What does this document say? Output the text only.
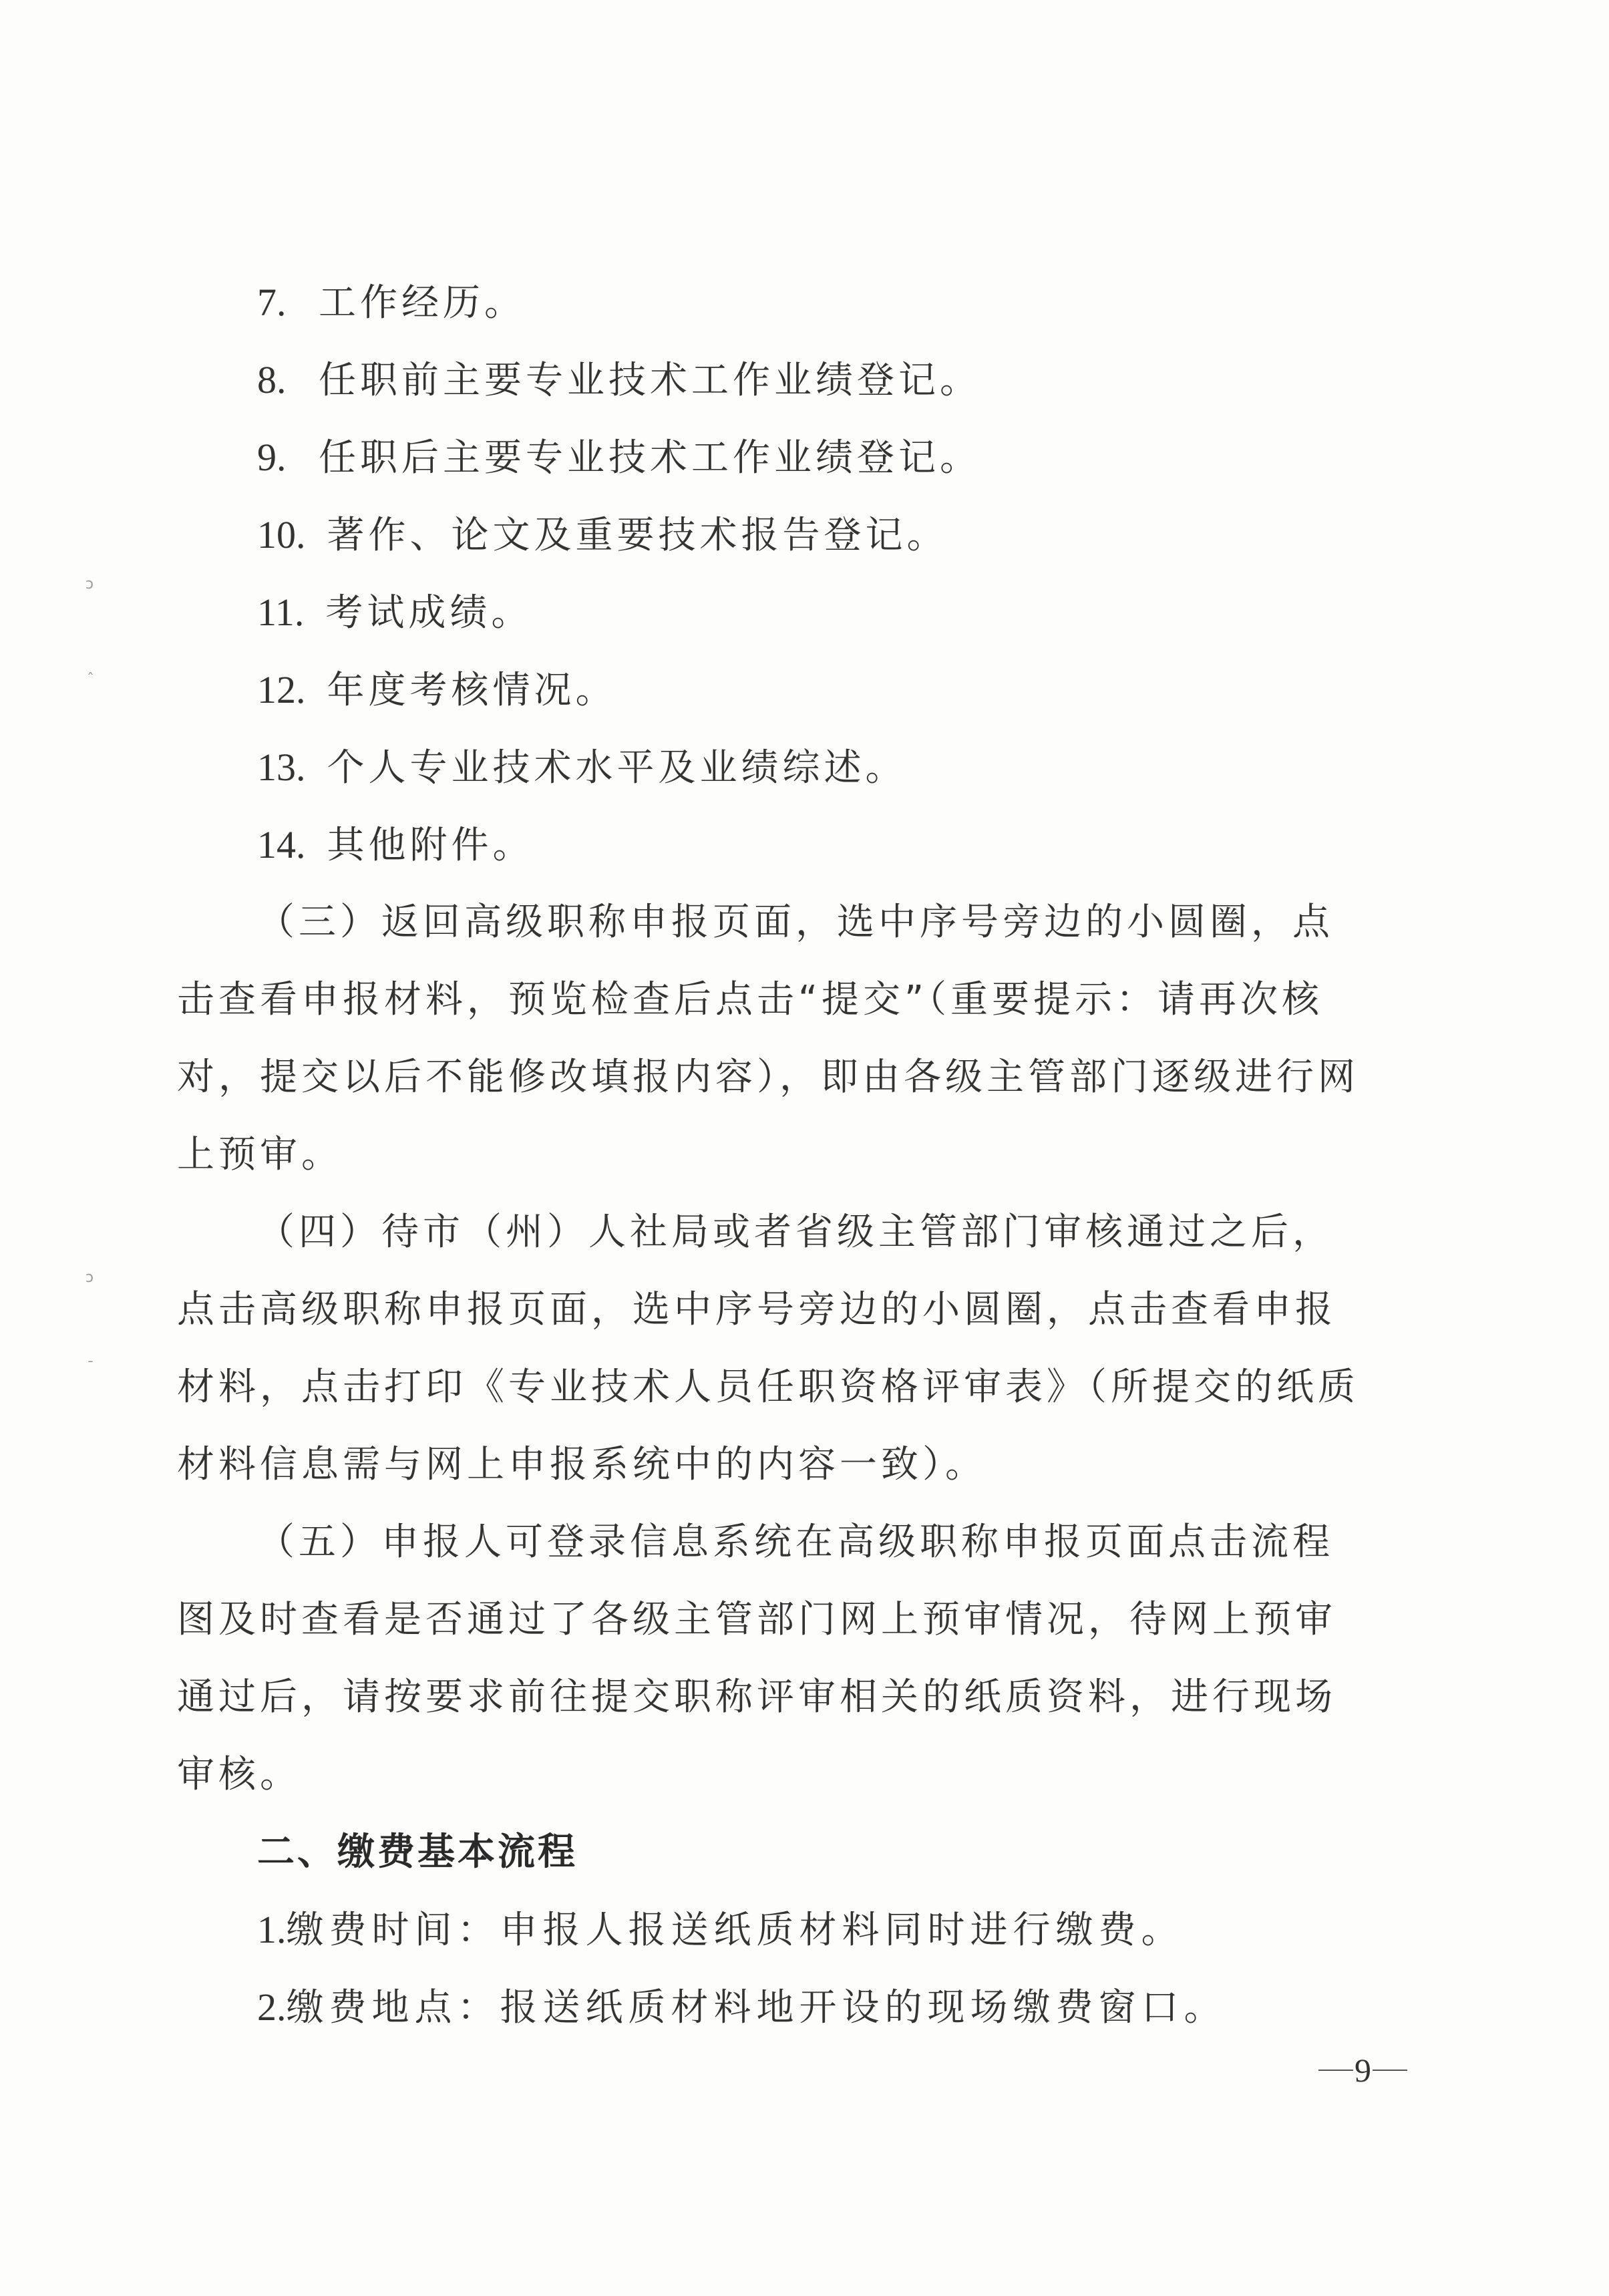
ↄ
ˆ
ↄ
ˉ
7. 工作经历。
8. 任职前主要专业技术工作业绩登记。
9. 任职后主要专业技术工作业绩登记。
10. 著作、论文及重要技术报告登记。
11. 考试成绩。
12. 年度考核情况。
13. 个人专业技术水平及业绩综述。
14. 其他附件。
（三）返回高级职称申报页面，选中序号旁边的小圆圈，点
击查看申报材料，预览检查后点击“提交”（重要提示：请再次核
对，提交以后不能修改填报内容），即由各级主管部门逐级进行网
上预审。
（四）待市（州）人社局或者省级主管部门审核通过之后，
点击高级职称申报页面，选中序号旁边的小圆圈，点击查看申报
材料，点击打印《专业技术人员任职资格评审表》（所提交的纸质
材料信息需与网上申报系统中的内容一致）。
（五）申报人可登录信息系统在高级职称申报页面点击流程
图及时查看是否通过了各级主管部门网上预审情况，待网上预审
通过后，请按要求前往提交职称评审相关的纸质资料，进行现场
审核。
二、缴费基本流程
1.缴费时间：申报人报送纸质材料同时进行缴费。
2.缴费地点：报送纸质材料地开设的现场缴费窗口。
9
